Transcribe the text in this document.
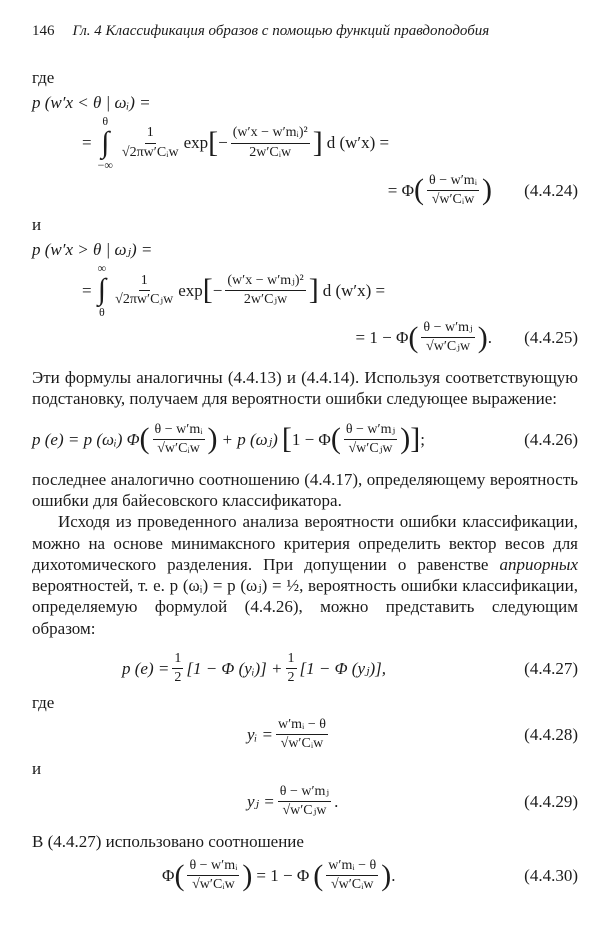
146 Гл. 4 Классификация образов с помощью функций правдоподобия
где
p (w′x < θ | ωᵢ) =
=
θ
∫
−∞
$\frac{1}{\text{√2πw′Cᵢw}}$ exp [ − $\frac{\text{(w′x − w′mᵢ)²}}{\text{2w′Cᵢw}}$ ] d (w′x) =
= Φ ( $\frac{\text{θ − w′mᵢ}}{\text{√w′Cᵢw}}$ )	(4.4.24)
и
p (w′x > θ | ωⱼ) =
=
∞
∫
θ
$\frac{1}{\text{√2πw′Cⱼw}}$ exp [ − $\frac{\text{(w′x − w′mⱼ)²}}{\text{2w′Cⱼw}}$ ] d (w′x) =
= 1 − Φ ( $\frac{\text{θ − w′mⱼ}}{\text{√w′Cⱼw}}$ ) .	(4.4.25)

Эти формулы аналогичны (4.4.13) и (4.4.14). Используя соответствующую подстановку, получаем для вероятности ошибки следующее выражение:

p (e) = p (ωᵢ) Φ ( $\frac{\text{θ − w′mᵢ}}{\text{√w′Cᵢw}}$ ) + p (ωⱼ) [ 1 − Φ ( $\frac{\text{θ − w′mⱼ}}{\text{√w′Cⱼw}}$ ) ] ;	(4.4.26)

последнее аналогично соотношению (4.4.17), определяющему вероятность ошибки для байесовского классификатора.

Исходя из проведенного анализа вероятности ошибки классификации, можно на основе минимаксного критерия определить вектор весов для дихотомического разделения. При допущении о равенстве априорных вероятностей, т. е. p (ωᵢ) = p (ωⱼ) = ½, вероятность ошибки классификации, определяемую формулой (4.4.26), можно представить следующим образом:

p $(e) = \frac{1}{2} [1 - \Phi$ (yᵢ)] + $\frac{1}{2} [1 - \Phi$ (yⱼ)],	(4.4.27)
где
yᵢ = $\frac{\text{w′mᵢ − θ}}{\text{√w′Cᵢw}}$	(4.4.28)
и
yⱼ = $\frac{\text{θ − w′mⱼ}}{\text{√w′Cⱼw}}$ .	(4.4.29)

В (4.4.27) использовано соотношение

Φ ( $\frac{\text{θ − w′mᵢ}}{\text{√w′Cᵢw}}$ ) = 1 − Φ ( $\frac{\text{w′mᵢ − θ}}{\text{√w′Cᵢw}}$ ) .	(4.4.30)
